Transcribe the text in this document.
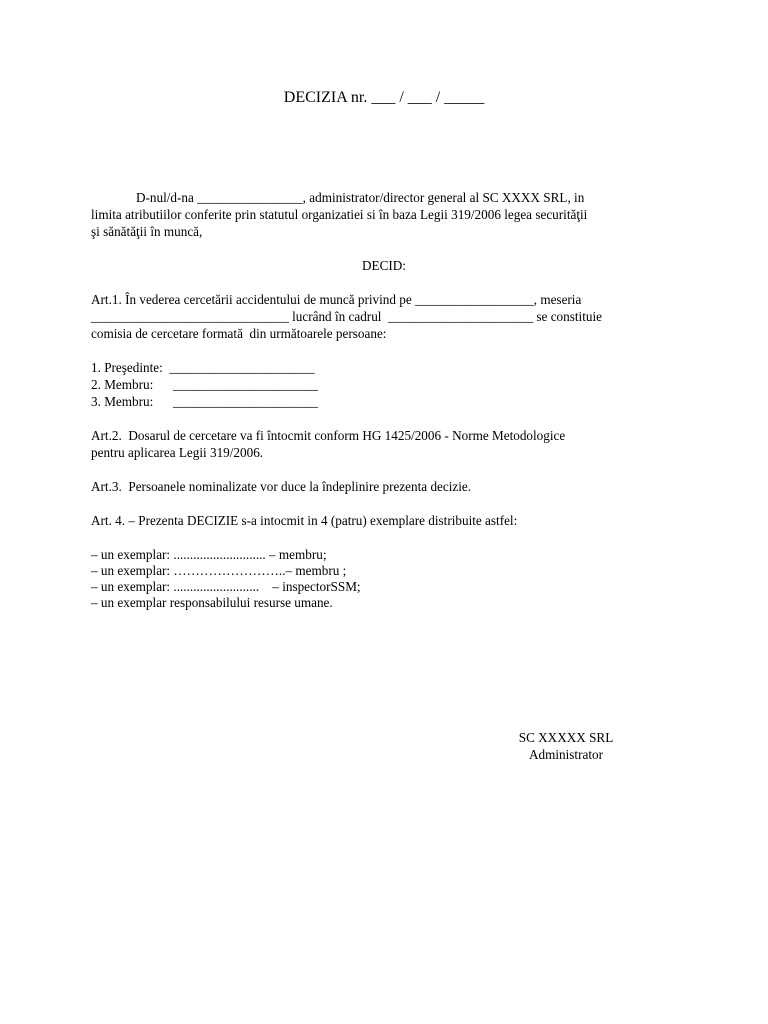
DECIZIA nr. ___ / ___ / _____
D-nul/d-na ________________, administrator/director general al SC XXXX SRL, in
limita atributiilor conferite prin statutul organizatiei si în baza Legii 319/2006 legea securităţii
şi sănătăţii în muncă,
DECID:
Art.1. În vederea cercetării accidentului de muncă privind pe __________________, meseria
______________________________ lucrând în cadrul  ______________________ se constituie
comisia de cercetare formată  din următoarele persoane:
1. Preşedinte:  ______________________
2. Membru:      ______________________
3. Membru:      ______________________
Art.2.  Dosarul de cercetare va fi întocmit conform HG 1425/2006 - Norme Metodologice
pentru aplicarea Legii 319/2006.
Art.3.  Persoanele nominalizate vor duce la îndeplinire prezenta decizie.
Art. 4. – Prezenta DECIZIE s-a intocmit in 4 (patru) exemplare distribuite astfel:
– un exemplar: ............................ – membru;
– un exemplar: ……………………..– membru ;
– un exemplar: ..........................    – inspectorSSM;
– un exemplar responsabilului resurse umane.
SC XXXXX SRL
Administrator
